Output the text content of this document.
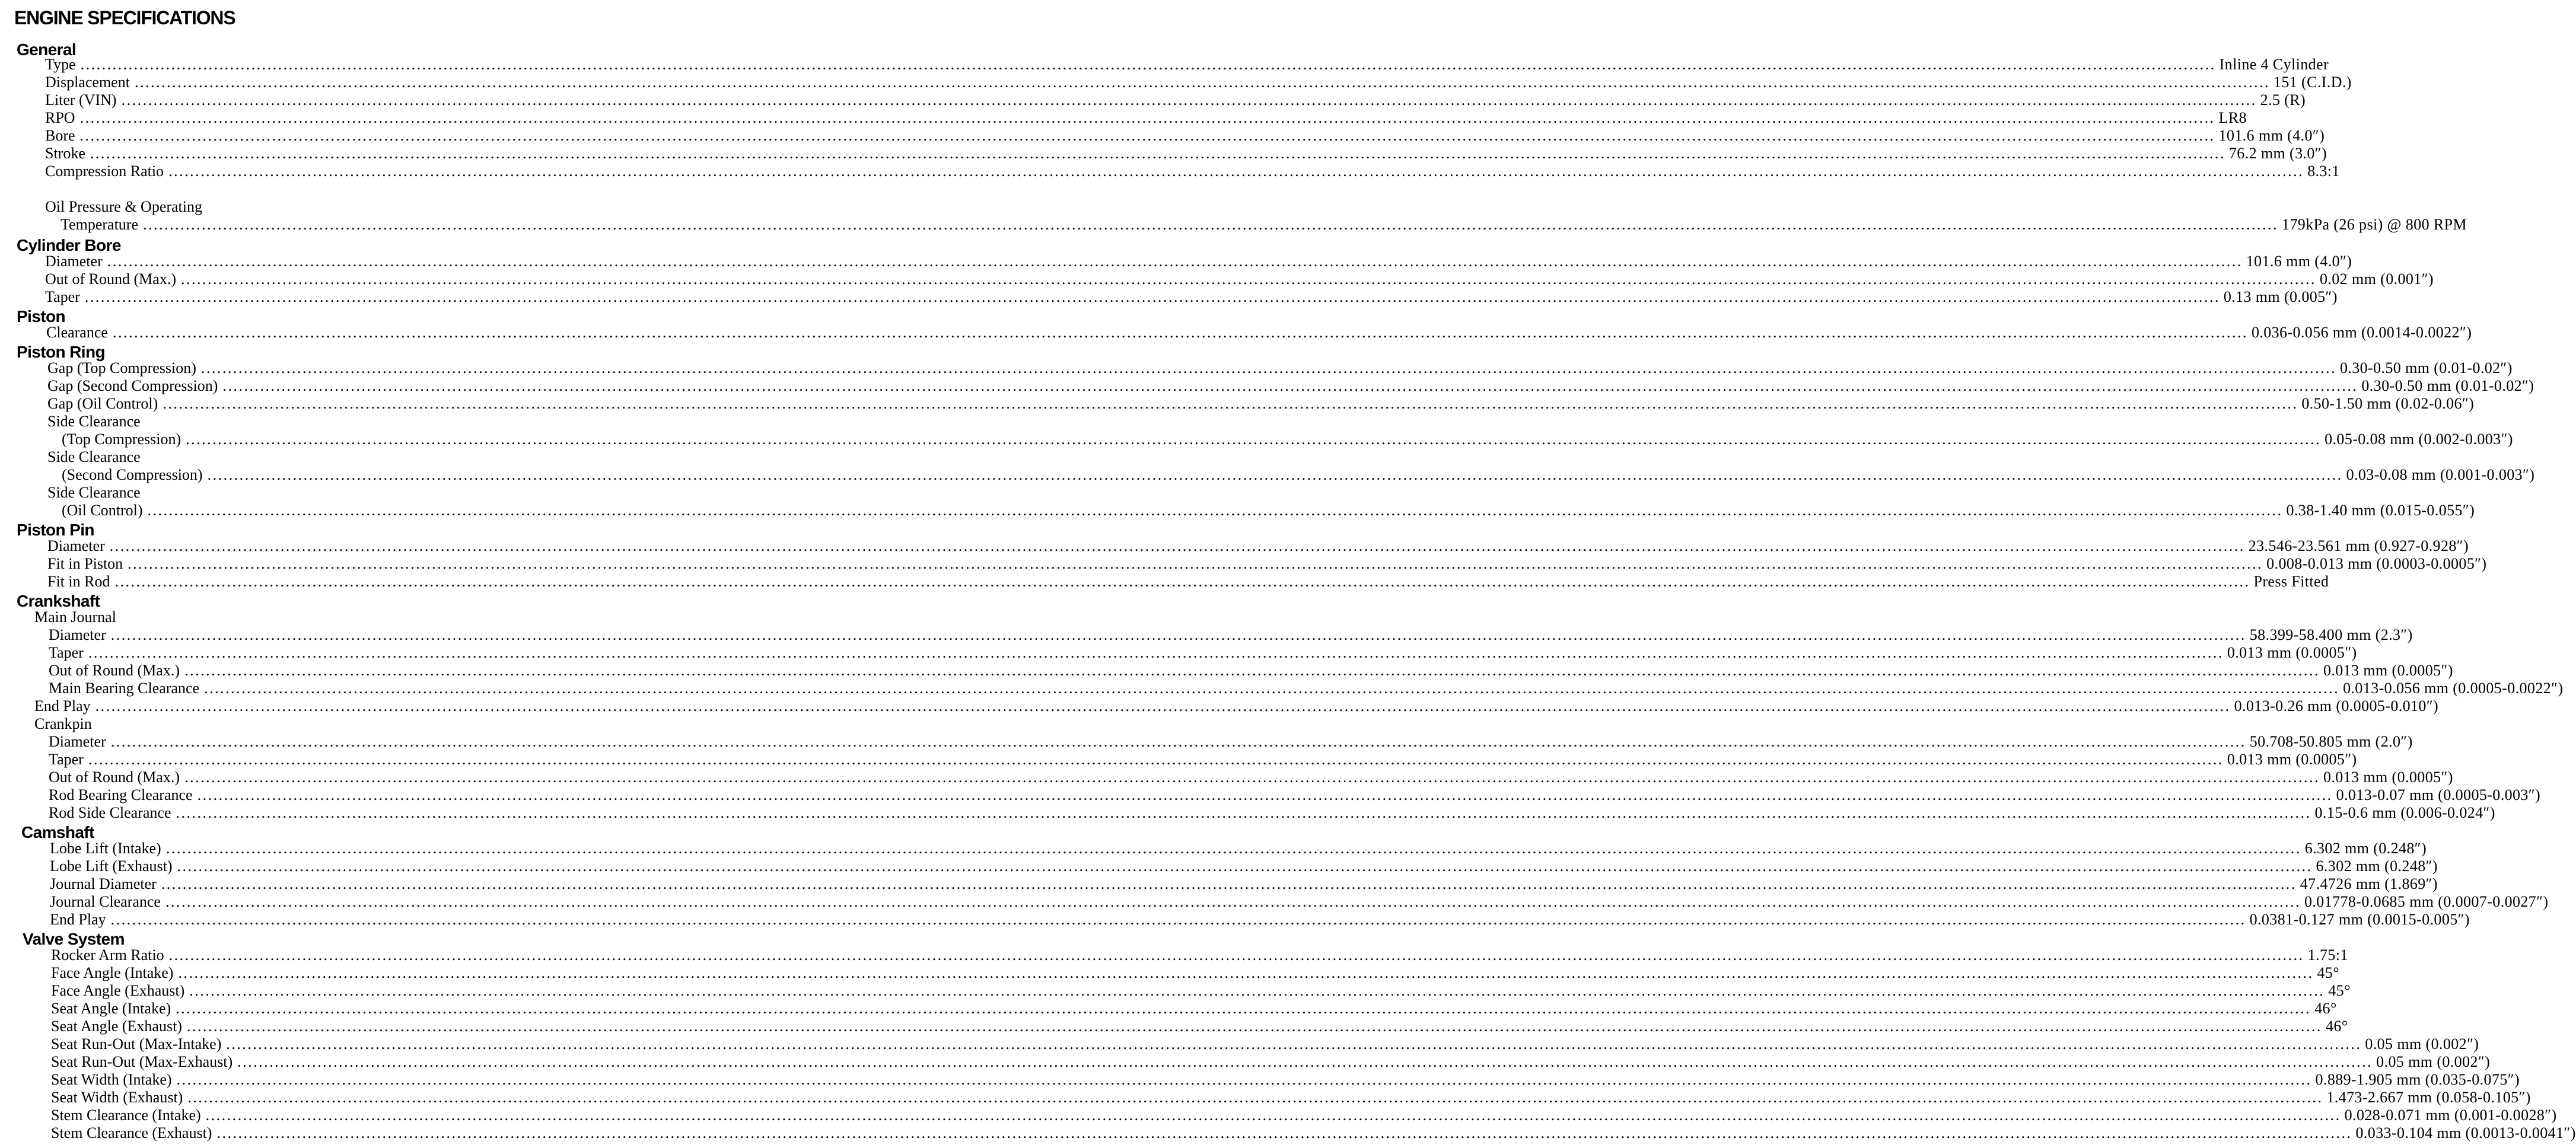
ENGINE SPECIFICATIONS
General
Type ................................................................................................................................................................................................................................................................................................................................................................................................................ Inline 4 Cylinder
Displacement ................................................................................................................................................................................................................................................................................................................................................................................................................ 151 (C.I.D.)
Liter (VIN) ................................................................................................................................................................................................................................................................................................................................................................................................................ 2.5 (R)
RPO ................................................................................................................................................................................................................................................................................................................................................................................................................ LR8
Bore ................................................................................................................................................................................................................................................................................................................................................................................................................ 101.6 mm (4.0″)
Stroke ................................................................................................................................................................................................................................................................................................................................................................................................................ 76.2 mm (3.0″)
Compression Ratio ................................................................................................................................................................................................................................................................................................................................................................................................................ 8.3:1
Oil Pressure & Operating
Temperature ................................................................................................................................................................................................................................................................................................................................................................................................................ 179kPa (26 psi) @ 800 RPM
Cylinder Bore
Diameter ................................................................................................................................................................................................................................................................................................................................................................................................................ 101.6 mm (4.0″)
Out of Round (Max.) ................................................................................................................................................................................................................................................................................................................................................................................................................ 0.02 mm (0.001″)
Taper ................................................................................................................................................................................................................................................................................................................................................................................................................ 0.13 mm (0.005″)
Piston
Clearance ................................................................................................................................................................................................................................................................................................................................................................................................................ 0.036-0.056 mm (0.0014-0.0022″)
Piston Ring
Gap (Top Compression) ................................................................................................................................................................................................................................................................................................................................................................................................................ 0.30-0.50 mm (0.01-0.02″)
Gap (Second Compression) ................................................................................................................................................................................................................................................................................................................................................................................................................ 0.30-0.50 mm (0.01-0.02″)
Gap (Oil Control) ................................................................................................................................................................................................................................................................................................................................................................................................................ 0.50-1.50 mm (0.02-0.06″)
Side Clearance
(Top Compression) ................................................................................................................................................................................................................................................................................................................................................................................................................ 0.05-0.08 mm (0.002-0.003″)
Side Clearance
(Second Compression) ................................................................................................................................................................................................................................................................................................................................................................................................................ 0.03-0.08 mm (0.001-0.003″)
Side Clearance
(Oil Control) ................................................................................................................................................................................................................................................................................................................................................................................................................ 0.38-1.40 mm (0.015-0.055″)
Piston Pin
Diameter ................................................................................................................................................................................................................................................................................................................................................................................................................ 23.546-23.561 mm (0.927-0.928″)
Fit in Piston ................................................................................................................................................................................................................................................................................................................................................................................................................ 0.008-0.013 mm (0.0003-0.0005″)
Fit in Rod ................................................................................................................................................................................................................................................................................................................................................................................................................ Press Fitted
Crankshaft
Main Journal
Diameter ................................................................................................................................................................................................................................................................................................................................................................................................................ 58.399-58.400 mm (2.3″)
Taper ................................................................................................................................................................................................................................................................................................................................................................................................................ 0.013 mm (0.0005″)
Out of Round (Max.) ................................................................................................................................................................................................................................................................................................................................................................................................................ 0.013 mm (0.0005″)
Main Bearing Clearance ................................................................................................................................................................................................................................................................................................................................................................................................................ 0.013-0.056 mm (0.0005-0.0022″)
End Play ................................................................................................................................................................................................................................................................................................................................................................................................................ 0.013-0.26 mm (0.0005-0.010″)
Crankpin
Diameter ................................................................................................................................................................................................................................................................................................................................................................................................................ 50.708-50.805 mm (2.0″)
Taper ................................................................................................................................................................................................................................................................................................................................................................................................................ 0.013 mm (0.0005″)
Out of Round (Max.) ................................................................................................................................................................................................................................................................................................................................................................................................................ 0.013 mm (0.0005″)
Rod Bearing Clearance ................................................................................................................................................................................................................................................................................................................................................................................................................ 0.013-0.07 mm (0.0005-0.003″)
Rod Side Clearance ................................................................................................................................................................................................................................................................................................................................................................................................................ 0.15-0.6 mm (0.006-0.024″)
Camshaft
Lobe Lift (Intake) ................................................................................................................................................................................................................................................................................................................................................................................................................ 6.302 mm (0.248″)
Lobe Lift (Exhaust) ................................................................................................................................................................................................................................................................................................................................................................................................................ 6.302 mm (0.248″)
Journal Diameter ................................................................................................................................................................................................................................................................................................................................................................................................................ 47.4726 mm (1.869″)
Journal Clearance ................................................................................................................................................................................................................................................................................................................................................................................................................ 0.01778-0.0685 mm (0.0007-0.0027″)
End Play ................................................................................................................................................................................................................................................................................................................................................................................................................ 0.0381-0.127 mm (0.0015-0.005″)
Valve System
Rocker Arm Ratio ................................................................................................................................................................................................................................................................................................................................................................................................................ 1.75:1
Face Angle (Intake) ................................................................................................................................................................................................................................................................................................................................................................................................................ 45°
Face Angle (Exhaust) ................................................................................................................................................................................................................................................................................................................................................................................................................ 45°
Seat Angle (Intake) ................................................................................................................................................................................................................................................................................................................................................................................................................ 46°
Seat Angle (Exhaust) ................................................................................................................................................................................................................................................................................................................................................................................................................ 46°
Seat Run-Out (Max-Intake) ................................................................................................................................................................................................................................................................................................................................................................................................................ 0.05 mm (0.002″)
Seat Run-Out (Max-Exhaust) ................................................................................................................................................................................................................................................................................................................................................................................................................ 0.05 mm (0.002″)
Seat Width (Intake) ................................................................................................................................................................................................................................................................................................................................................................................................................ 0.889-1.905 mm (0.035-0.075″)
Seat Width (Exhaust) ................................................................................................................................................................................................................................................................................................................................................................................................................ 1.473-2.667 mm (0.058-0.105″)
Stem Clearance (Intake) ................................................................................................................................................................................................................................................................................................................................................................................................................ 0.028-0.071 mm (0.001-0.0028″)
Stem Clearance (Exhaust) ................................................................................................................................................................................................................................................................................................................................................................................................................ 0.033-0.104 mm (0.0013-0.0041″)
